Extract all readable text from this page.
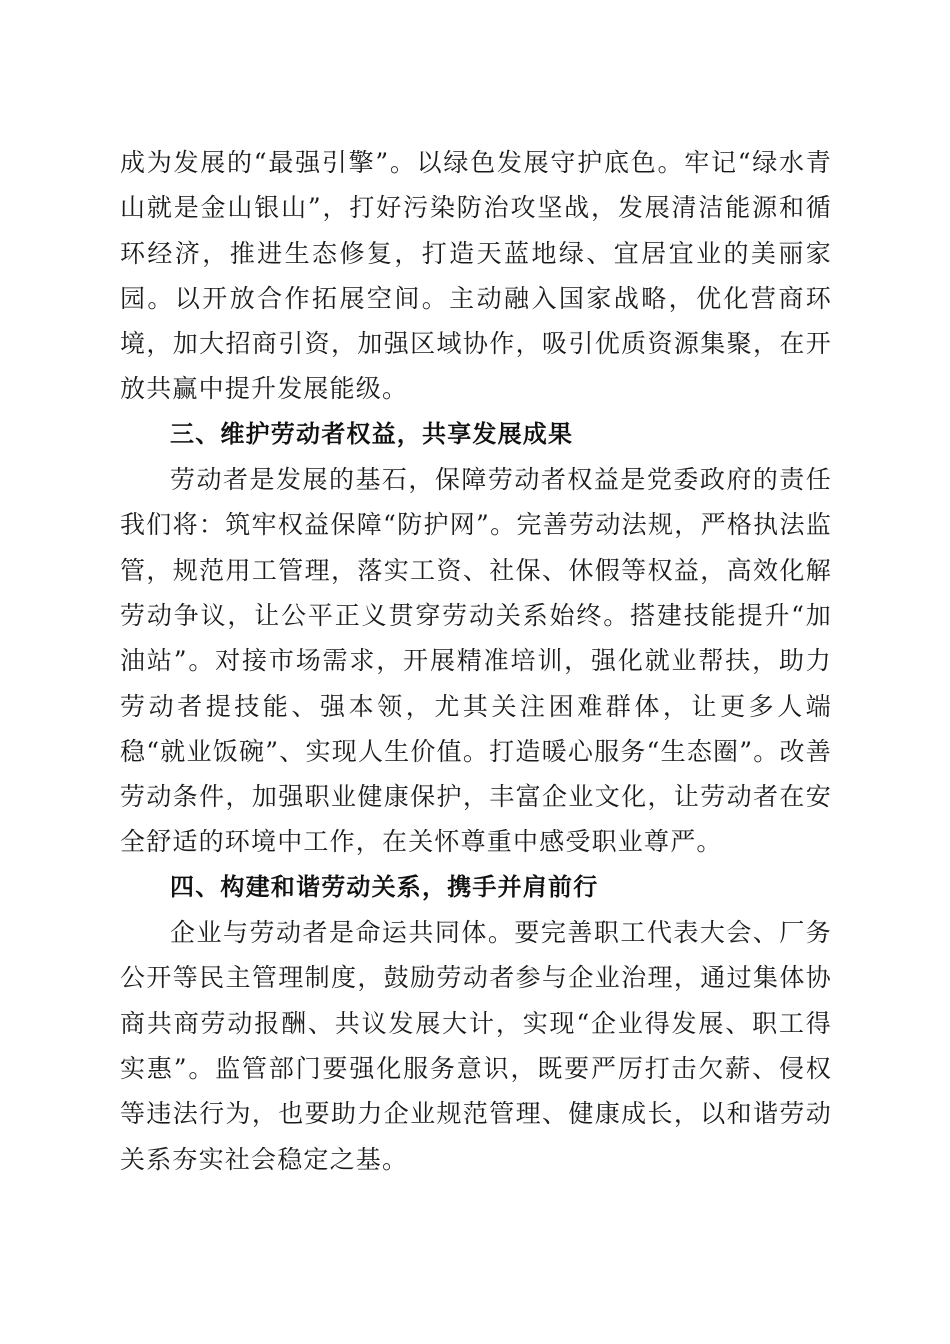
成为发展的“最强引擎”。以绿色发展守护底色。牢记“绿水青山就是金山银山”，打好污染防治攻坚战，发展清洁能源和循环经济，推进生态修复，打造天蓝地绿、宜居宜业的美丽家园。以开放合作拓展空间。主动融入国家战略，优化营商环境，加大招商引资，加强区域协作，吸引优质资源集聚，在开放共赢中提升发展能级。

三、维护劳动者权益，共享发展成果

劳动者是发展的基石，保障劳动者权益是党委政府的责任我们将：筑牢权益保障“防护网”。完善劳动法规，严格执法监管，规范用工管理，落实工资、社保、休假等权益，高效化解劳动争议，让公平正义贯穿劳动关系始终。搭建技能提升“加油站”。对接市场需求，开展精准培训，强化就业帮扶，助力劳动者提技能、强本领，尤其关注困难群体，让更多人端稳“就业饭碗”、实现人生价值。打造暖心服务“生态圈”。改善劳动条件，加强职业健康保护，丰富企业文化，让劳动者在安全舒适的环境中工作，在关怀尊重中感受职业尊严。

四、构建和谐劳动关系，携手并肩前行

企业与劳动者是命运共同体。要完善职工代表大会、厂务公开等民主管理制度，鼓励劳动者参与企业治理，通过集体协商共商劳动报酬、共议发展大计，实现“企业得发展、职工得实惠”。监管部门要强化服务意识，既要严厉打击欠薪、侵权等违法行为，也要助力企业规范管理、健康成长，以和谐劳动关系夯实社会稳定之基。
